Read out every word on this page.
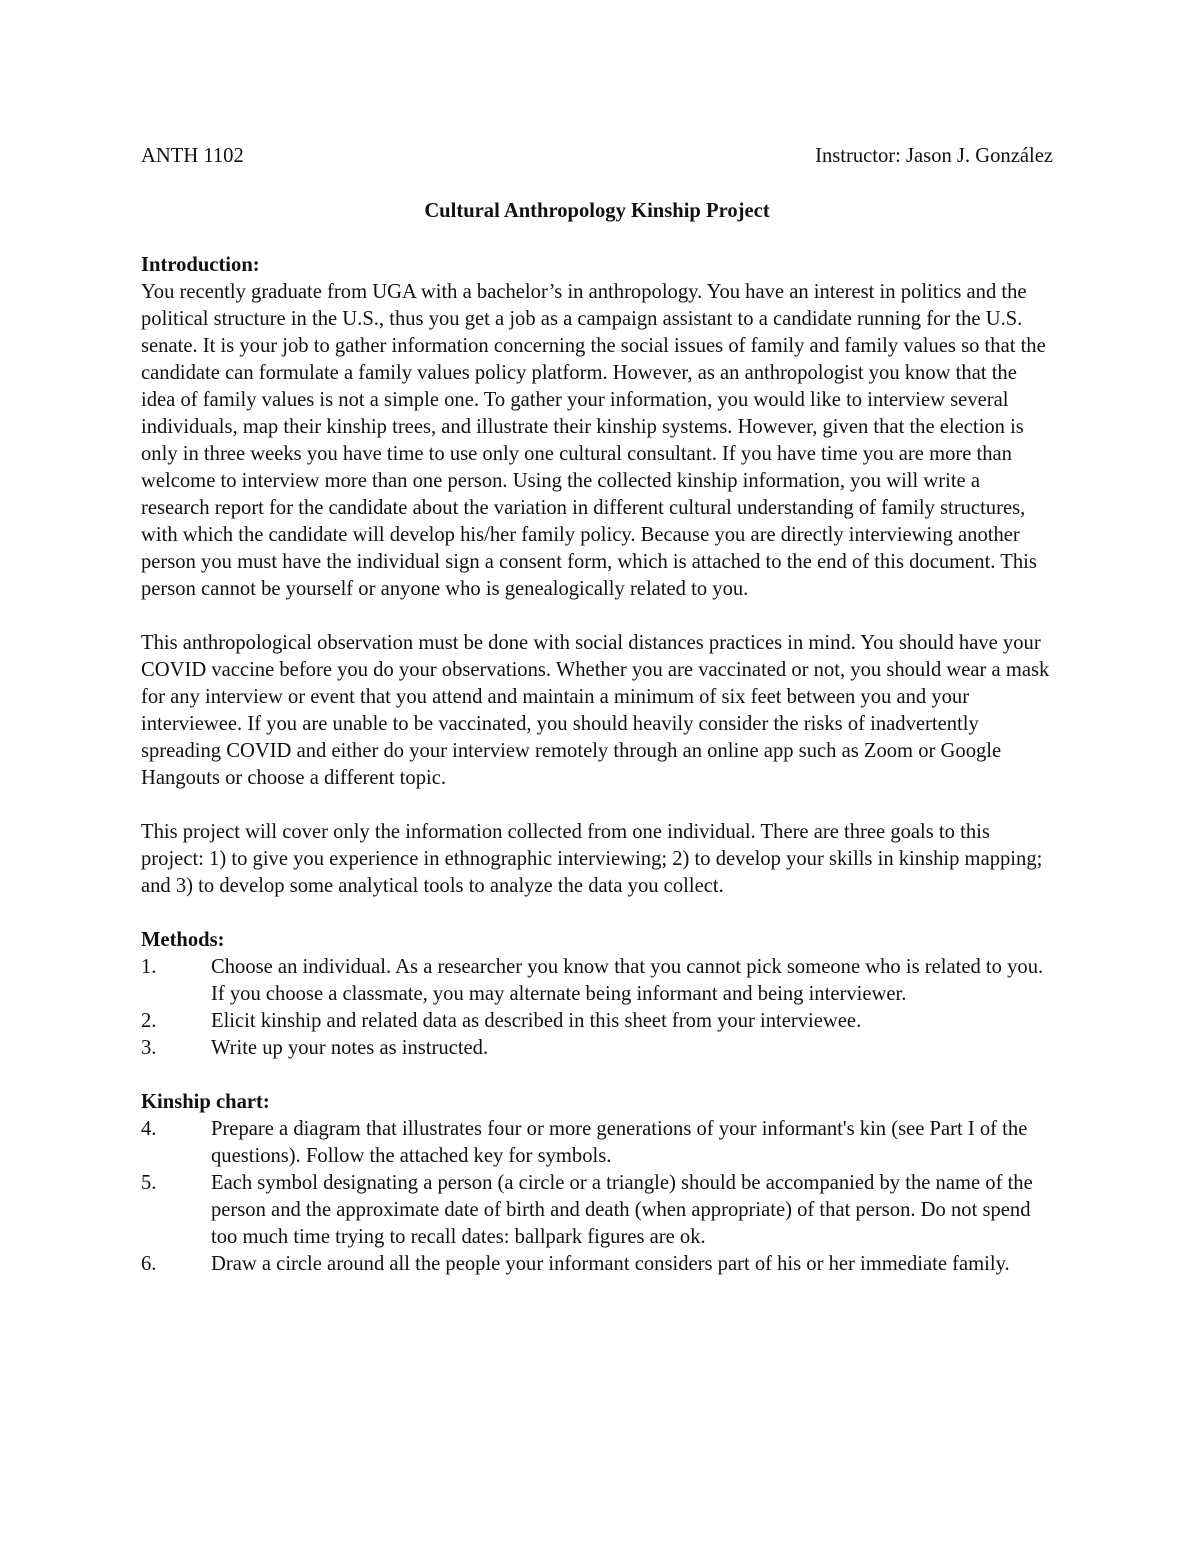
ANTH 1102	Instructor: Jason J. González
Cultural Anthropology Kinship Project
Introduction:

You recently graduate from UGA with a bachelor’s in anthropology. You have an interest in politics and the political structure in the U.S., thus you get a job as a campaign assistant to a candidate running for the U.S. senate. It is your job to gather information concerning the social issues of family and family values so that the candidate can formulate a family values policy platform. However, as an anthropologist you know that the idea of family values is not a simple one. To gather your information, you would like to interview several individuals, map their kinship trees, and illustrate their kinship systems. However, given that the election is only in three weeks you have time to use only one cultural consultant. If you have time you are more than welcome to interview more than one person. Using the collected kinship information, you will write a research report for the candidate about the variation in different cultural understanding of family structures, with which the candidate will develop his/her family policy. Because you are directly interviewing another person you must have the individual sign a consent form, which is attached to the end of this document. This person cannot be yourself or anyone who is genealogically related to you.

This anthropological observation must be done with social distances practices in mind. You should have your COVID vaccine before you do your observations. Whether you are vaccinated or not, you should wear a mask for any interview or event that you attend and maintain a minimum of six feet between you and your interviewee. If you are unable to be vaccinated, you should heavily consider the risks of inadvertently spreading COVID and either do your interview remotely through an online app such as Zoom or Google Hangouts or choose a different topic.

This project will cover only the information collected from one individual. There are three goals to this project: 1) to give you experience in ethnographic interviewing; 2) to develop your skills in kinship mapping; and 3) to develop some analytical tools to analyze the data you collect.

Methods:
1.	Choose an individual. As a researcher you know that you cannot pick someone who is related to you. If you choose a classmate, you may alternate being informant and being interviewer.
2.	Elicit kinship and related data as described in this sheet from your interviewee.
3.	Write up your notes as instructed.
Kinship chart:
4.	Prepare a diagram that illustrates four or more generations of your informant's kin (see Part I of the questions). Follow the attached key for symbols.
5.	Each symbol designating a person (a circle or a triangle) should be accompanied by the name of the person and the approximate date of birth and death (when appropriate) of that person. Do not spend too much time trying to recall dates: ballpark figures are ok.
6.	Draw a circle around all the people your informant considers part of his or her immediate family.
